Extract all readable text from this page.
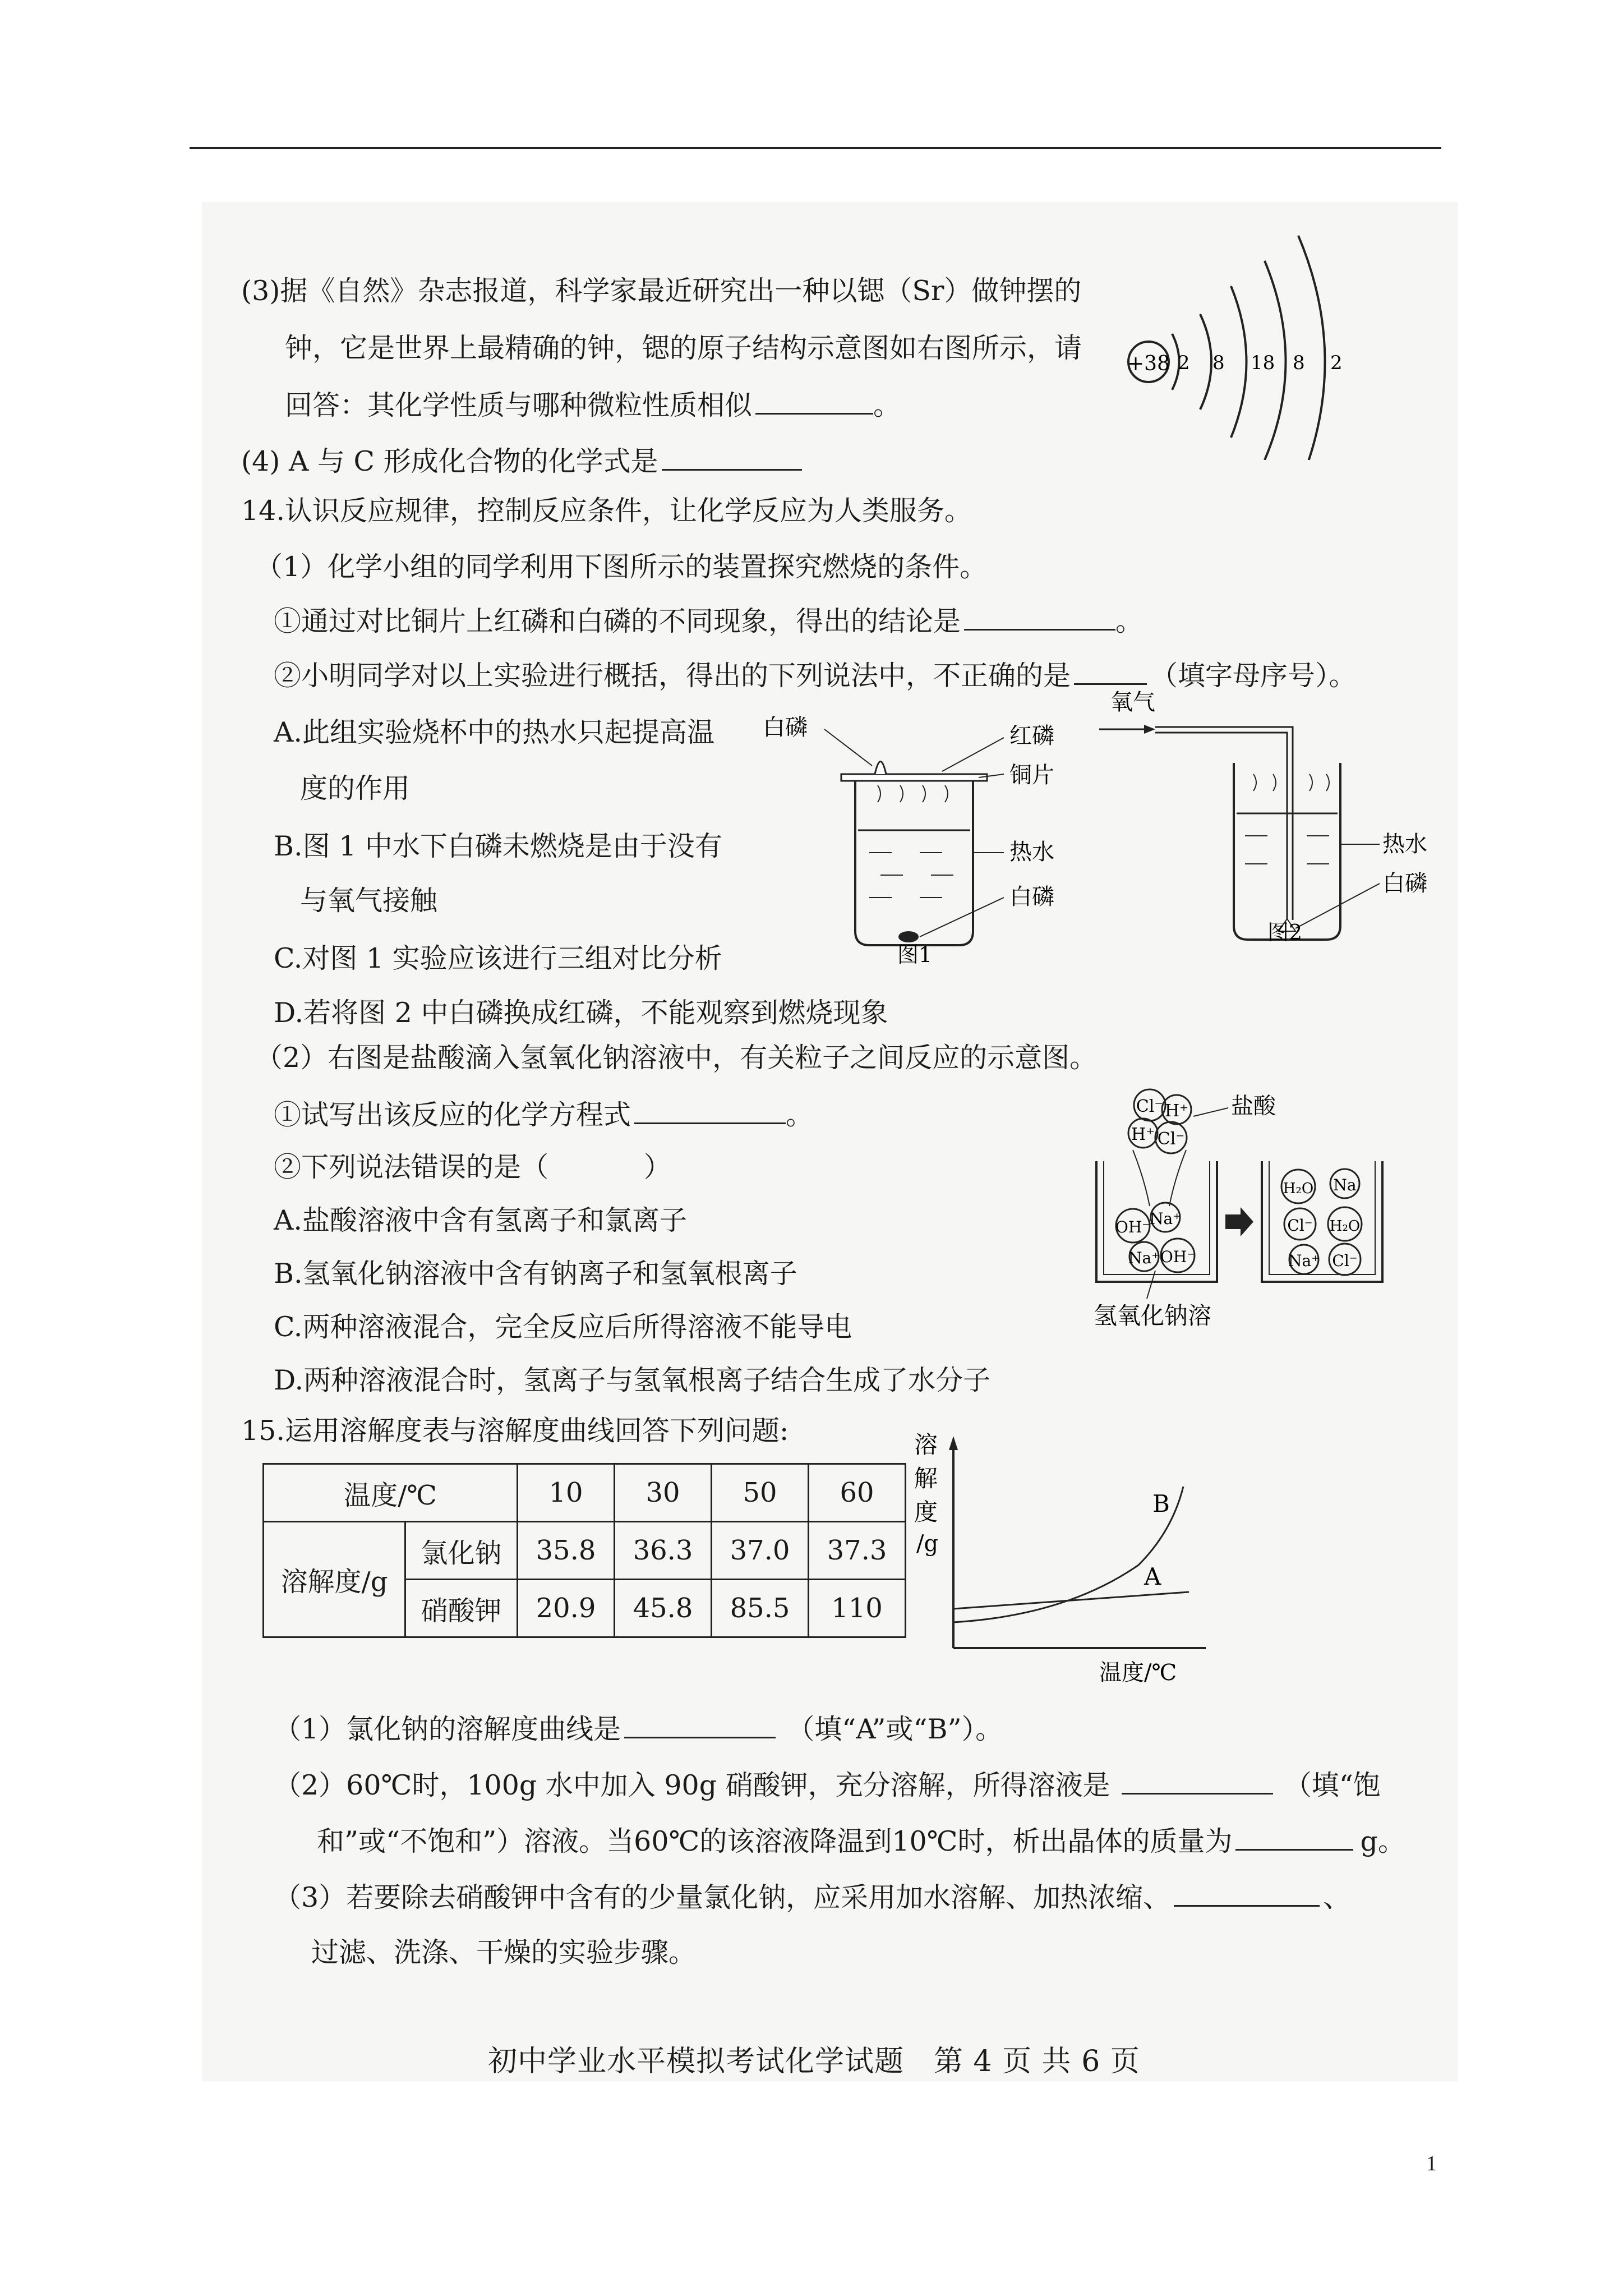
(3)据《自然》杂志报道，科学家最近研究出一种以锶（Sr）做钟摆的
钟，它是世界上最精确的钟，锶的原子结构示意图如右图所示，请
回答：其化学性质与哪种微粒性质相似	。
(4) A 与 C 形成化合物的化学式是
+38 2 8 18 8 2
14.认识反应规律，控制反应条件，让化学反应为人类服务。
（1）化学小组的同学利用下图所示的装置探究燃烧的条件。
①通过对比铜片上红磷和白磷的不同现象，得出的结论是	。
②小明同学对以上实验进行概括，得出的下列说法中，不正确的是	（填字母序号）。
A.此组实验烧杯中的热水只起提高温
度的作用
B.图 1 中水下白磷未燃烧是由于没有
与氧气接触
C.对图 1 实验应该进行三组对比分析
D.若将图 2 中白磷换成红磷，不能观察到燃烧现象
白磷	红磷
铜片
热水
白磷
图1
氧气
热水
白磷
图2
（2）右图是盐酸滴入氢氧化钠溶液中，有关粒子之间反应的示意图。
①试写出该反应的化学方程式	。
②下列说法错误的是（	）
A.盐酸溶液中含有氢离子和氯离子
B.氢氧化钠溶液中含有钠离子和氢氧根离子
C.两种溶液混合，完全反应后所得溶液不能导电
D.两种溶液混合时，氢离子与氢氧根离子结合生成了水分子
Cl⁻ H⁺
H⁺ Cl⁻
盐酸
OH⁻
Na⁺
Na⁺ OH⁻
H₂O Na
Cl⁻ H₂O
Na⁺ Cl⁻
氢氧化钠溶
15.运用溶解度表与溶解度曲线回答下列问题:
温度/℃		10	30	50	60
溶解度/g	氯化钠	35.8	36.3	37.0	37.3
	硝酸钾	20.9	45.8	85.5	110
溶
解
度
/g
B
A
温度/℃
（1）氯化钠的溶解度曲线是	（填“A”或“B”）。
（2）60℃时，100g 水中加入 90g 硝酸钾，充分溶解，所得溶液是	（填“饱
和”或“不饱和”）溶液。当60℃的该溶液降温到10℃时，析出晶体的质量为	g。
（3）若要除去硝酸钾中含有的少量氯化钠，应采用加水溶解、加热浓缩、	、
过滤、洗涤、干燥的实验步骤。
初中学业水平模拟考试化学试题　第 4 页 共 6 页
1
